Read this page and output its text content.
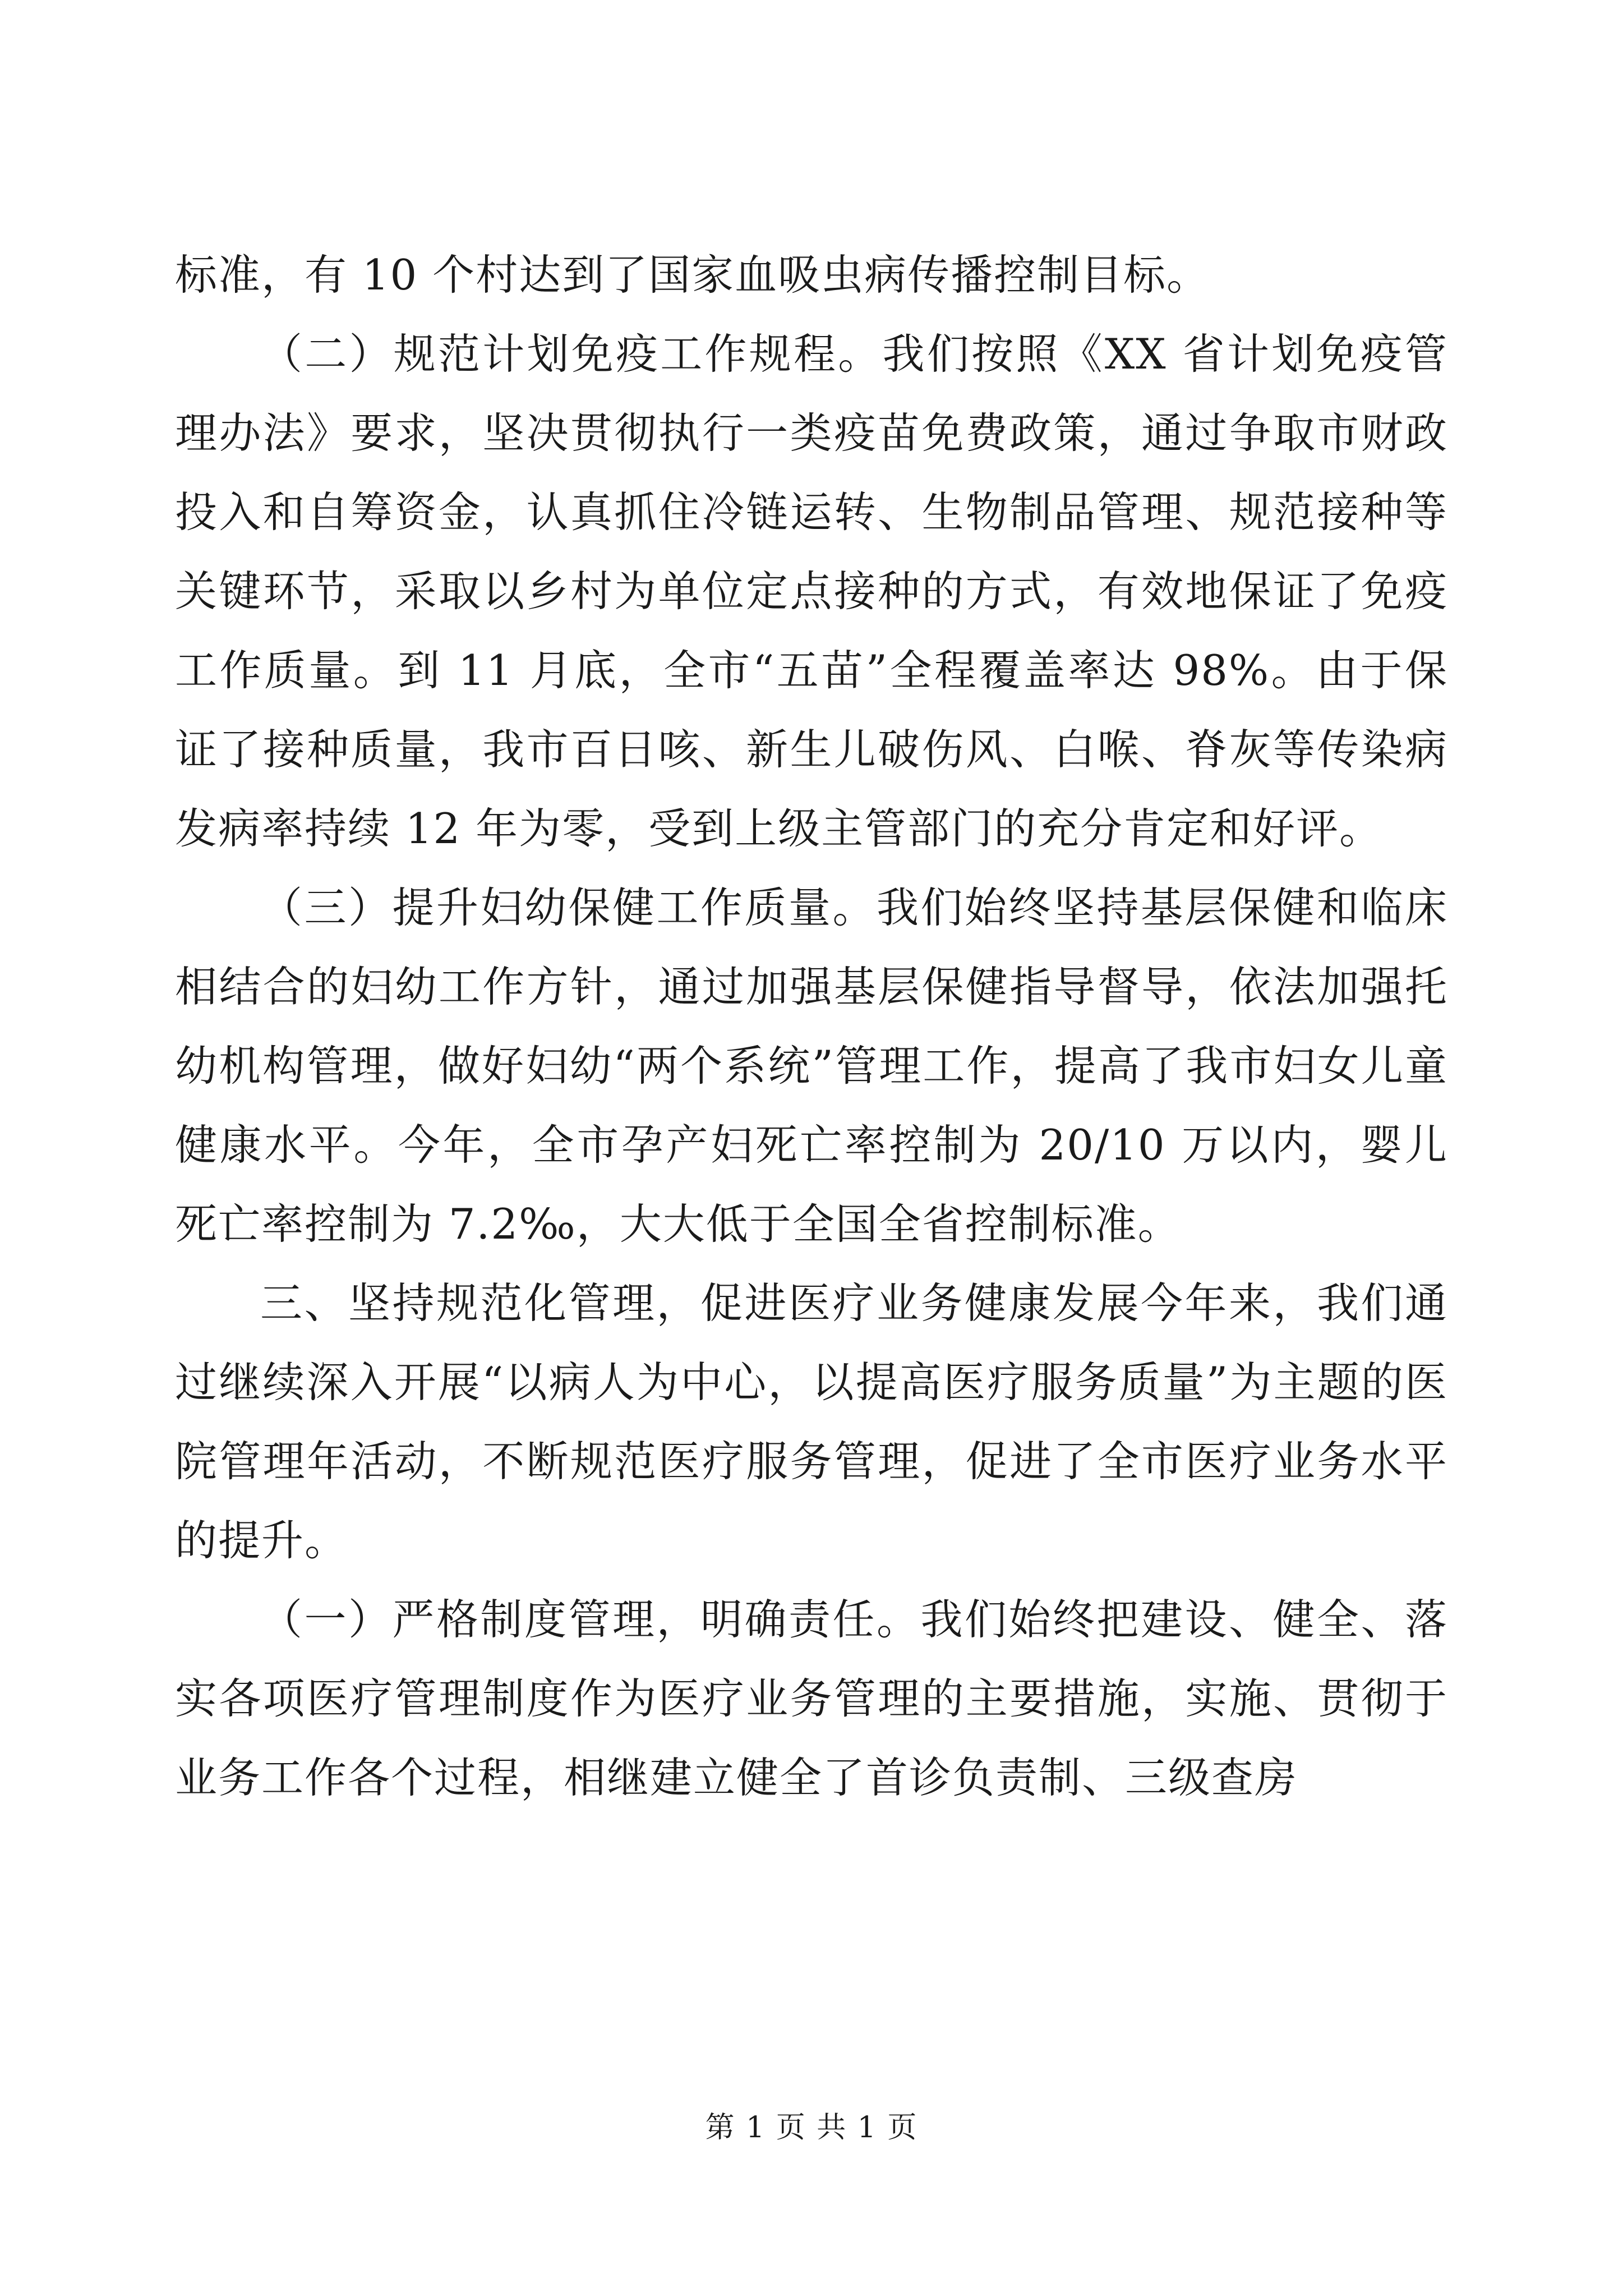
标准，有 10 个村达到了国家血吸虫病传播控制目标。

（二）规范计划免疫工作规程。我们按照《XX 省计划免疫管理办法》要求，坚决贯彻执行一类疫苗免费政策，通过争取市财政投入和自筹资金，认真抓住冷链运转、生物制品管理、规范接种等关键环节，采取以乡村为单位定点接种的方式，有效地保证了免疫工作质量。到 11 月底，全市“五苗”全程覆盖率达 98%。由于保证了接种质量，我市百日咳、新生儿破伤风、白喉、脊灰等传染病发病率持续 12 年为零，受到上级主管部门的充分肯定和好评。

（三）提升妇幼保健工作质量。我们始终坚持基层保健和临床相结合的妇幼工作方针，通过加强基层保健指导督导，依法加强托幼机构管理，做好妇幼“两个系统”管理工作，提高了我市妇女儿童健康水平。今年，全市孕产妇死亡率控制为 20/10 万以内，婴儿死亡率控制为 7.2‰，大大低于全国全省控制标准。

三、坚持规范化管理，促进医疗业务健康发展今年来，我们通过继续深入开展“以病人为中心，以提高医疗服务质量”为主题的医院管理年活动，不断规范医疗服务管理，促进了全市医疗业务水平的提升。

（一）严格制度管理，明确责任。我们始终把建设、健全、落实各项医疗管理制度作为医疗业务管理的主要措施，实施、贯彻于业务工作各个过程，相继建立健全了首诊负责制、三级查房

第 1 页 共 1 页
